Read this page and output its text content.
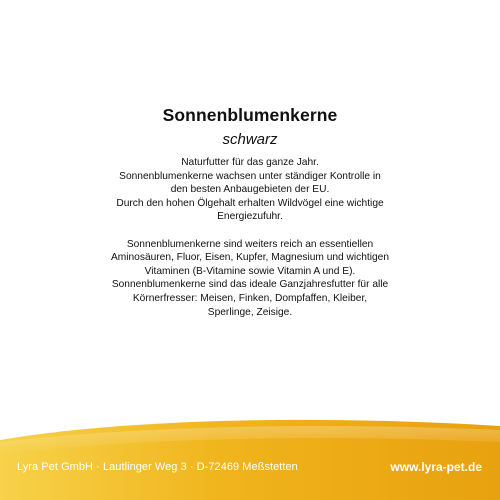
Sonnenblumenkerne
schwarz
Naturfutter für das ganze Jahr.
Sonnenblumenkerne wachsen unter ständiger Kontrolle in
den besten Anbaugebieten der EU.
Durch den hohen Ölgehalt erhalten Wildvögel eine wichtige
Energiezufuhr.
Sonnenblumenkerne sind weiters reich an essentiellen
Aminosäuren, Fluor, Eisen, Kupfer, Magnesium und wichtigen
Vitaminen (B-Vitamine sowie Vitamin A und E).
Sonnenblumenkerne sind das ideale Ganzjahresfutter für alle
Körnerfresser: Meisen, Finken, Dompfaffen, Kleiber,
Sperlinge, Zeisige.
Lyra Pet GmbH · Lautlinger Weg 3 · D-72469 Meßstetten	www.lyra-pet.de
